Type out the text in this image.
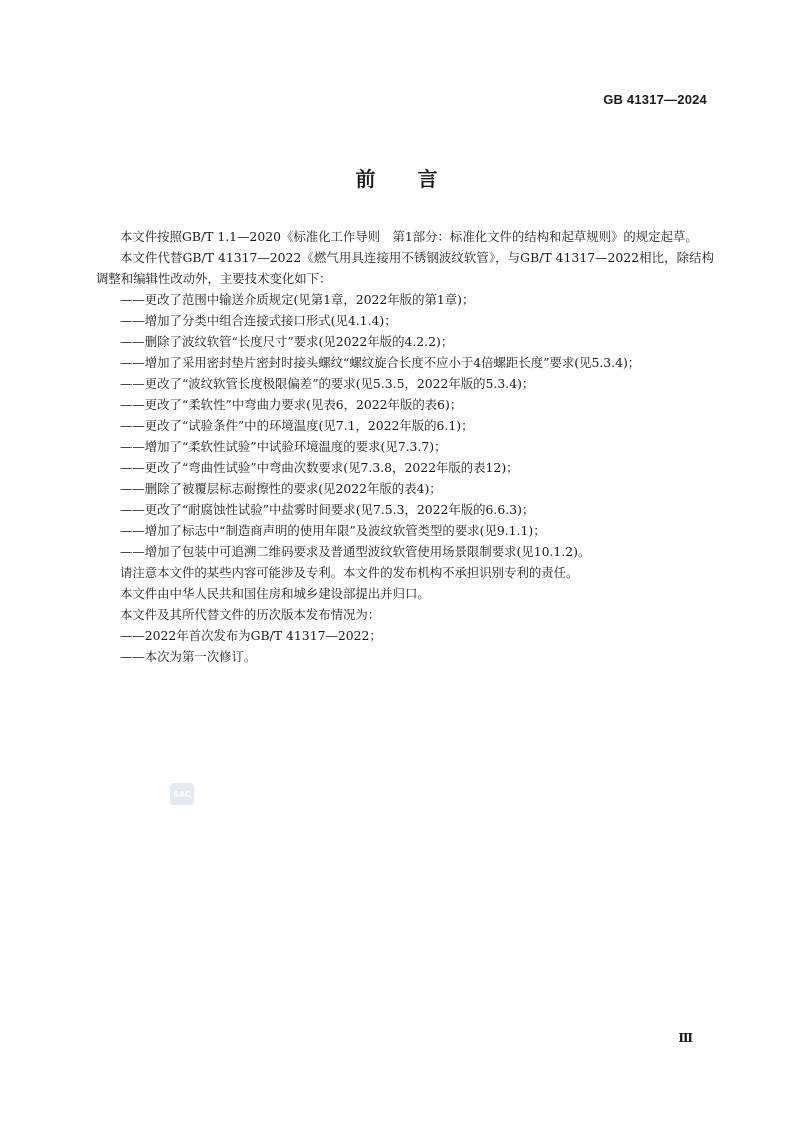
GB 41317—2024
前言

本文件按照GB/T 1.1—2020《标准化工作导则　第1部分：标准化文件的结构和起草规则》的规定起草。

本文件代替GB/T 41317—2022《燃气用具连接用不锈钢波纹软管》，与GB/T 41317—2022相比，除结构调整和编辑性改动外，主要技术变化如下：

——更改了范围中输送介质规定(见第1章，2022年版的第1章)；

——增加了分类中组合连接式接口形式(见4.1.4)；

——删除了波纹软管“长度尺寸”要求(见2022年版的4.2.2)；

——增加了采用密封垫片密封时接头螺纹“螺纹旋合长度不应小于4倍螺距长度”要求(见5.3.4)；

——更改了“波纹软管长度极限偏差”的要求(见5.3.5，2022年版的5.3.4)；

——更改了“柔软性”中弯曲力要求(见表6，2022年版的表6)；

——更改了“试验条件”中的环境温度(见7.1，2022年版的6.1)；

——增加了“柔软性试验”中试验环境温度的要求(见7.3.7)；

——更改了“弯曲性试验”中弯曲次数要求(见7.3.8，2022年版的表12)；

——删除了被覆层标志耐擦性的要求(见2022年版的表4)；

——更改了“耐腐蚀性试验”中盐雾时间要求(见7.5.3，2022年版的6.6.3)；

——增加了标志中“制造商声明的使用年限”及波纹软管类型的要求(见9.1.1)；

——增加了包装中可追溯二维码要求及普通型波纹软管使用场景限制要求(见10.1.2)。

请注意本文件的某些内容可能涉及专利。本文件的发布机构不承担识别专利的责任。

本文件由中华人民共和国住房和城乡建设部提出并归口。

本文件及其所代替文件的历次版本发布情况为：

——2022年首次发布为GB/T 41317—2022；

——本次为第一次修订。

SAC
Ⅲ
